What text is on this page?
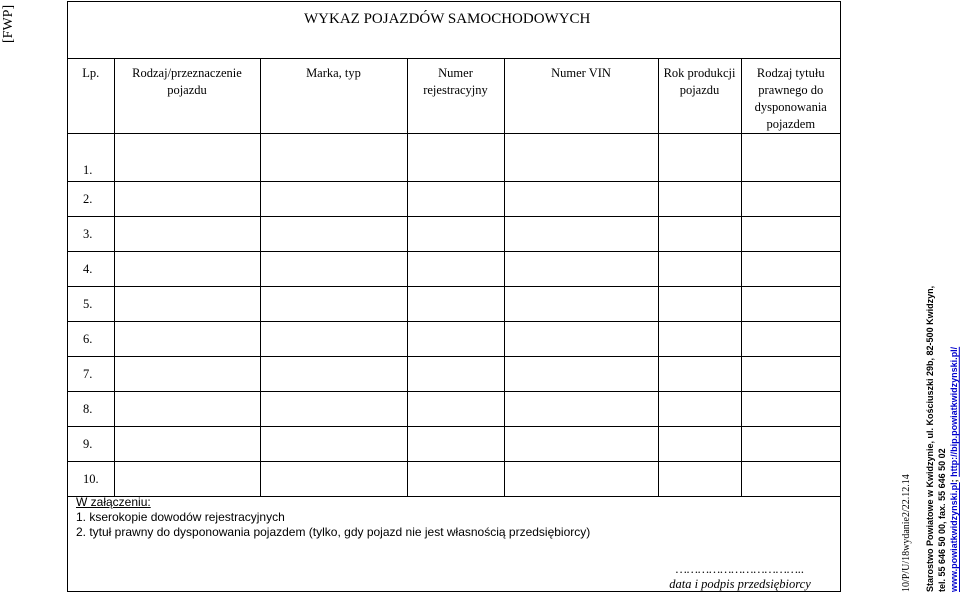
[FWP]	WYKAZ POJAZDÓW SAMOCHODOWYCH
Lp.	Rodzaj/przeznaczenie pojazdu	Marka, typ	Numer rejestracyjny	Numer VIN	Rok produkcji pojazdu	Rodzaj tytułu prawnego do dysponowania pojazdem
1.						
2.						
3.						
4.						
5.						
6.						
7.						
8.						
9.						
10.						
W załączeniu:
1. kserokopie dowodów rejestracyjnych
2. tytuł prawny do dysponowania pojazdem (tylko, gdy pojazd nie jest własnością przedsiębiorcy)
……………………………..
data i podpis przedsiębiorcy	10/P/U/18wydanie2/22.12.14	Starostwo Powiatowe w Kwidzynie, ul. Kościuszki 29b, 82-500 Kwidzyn, tel. 55 646 50 00, fax. 55 646 50 02 www.powiatkwidzynski.pl; http://bip.powiatkwidzynski.pl/
